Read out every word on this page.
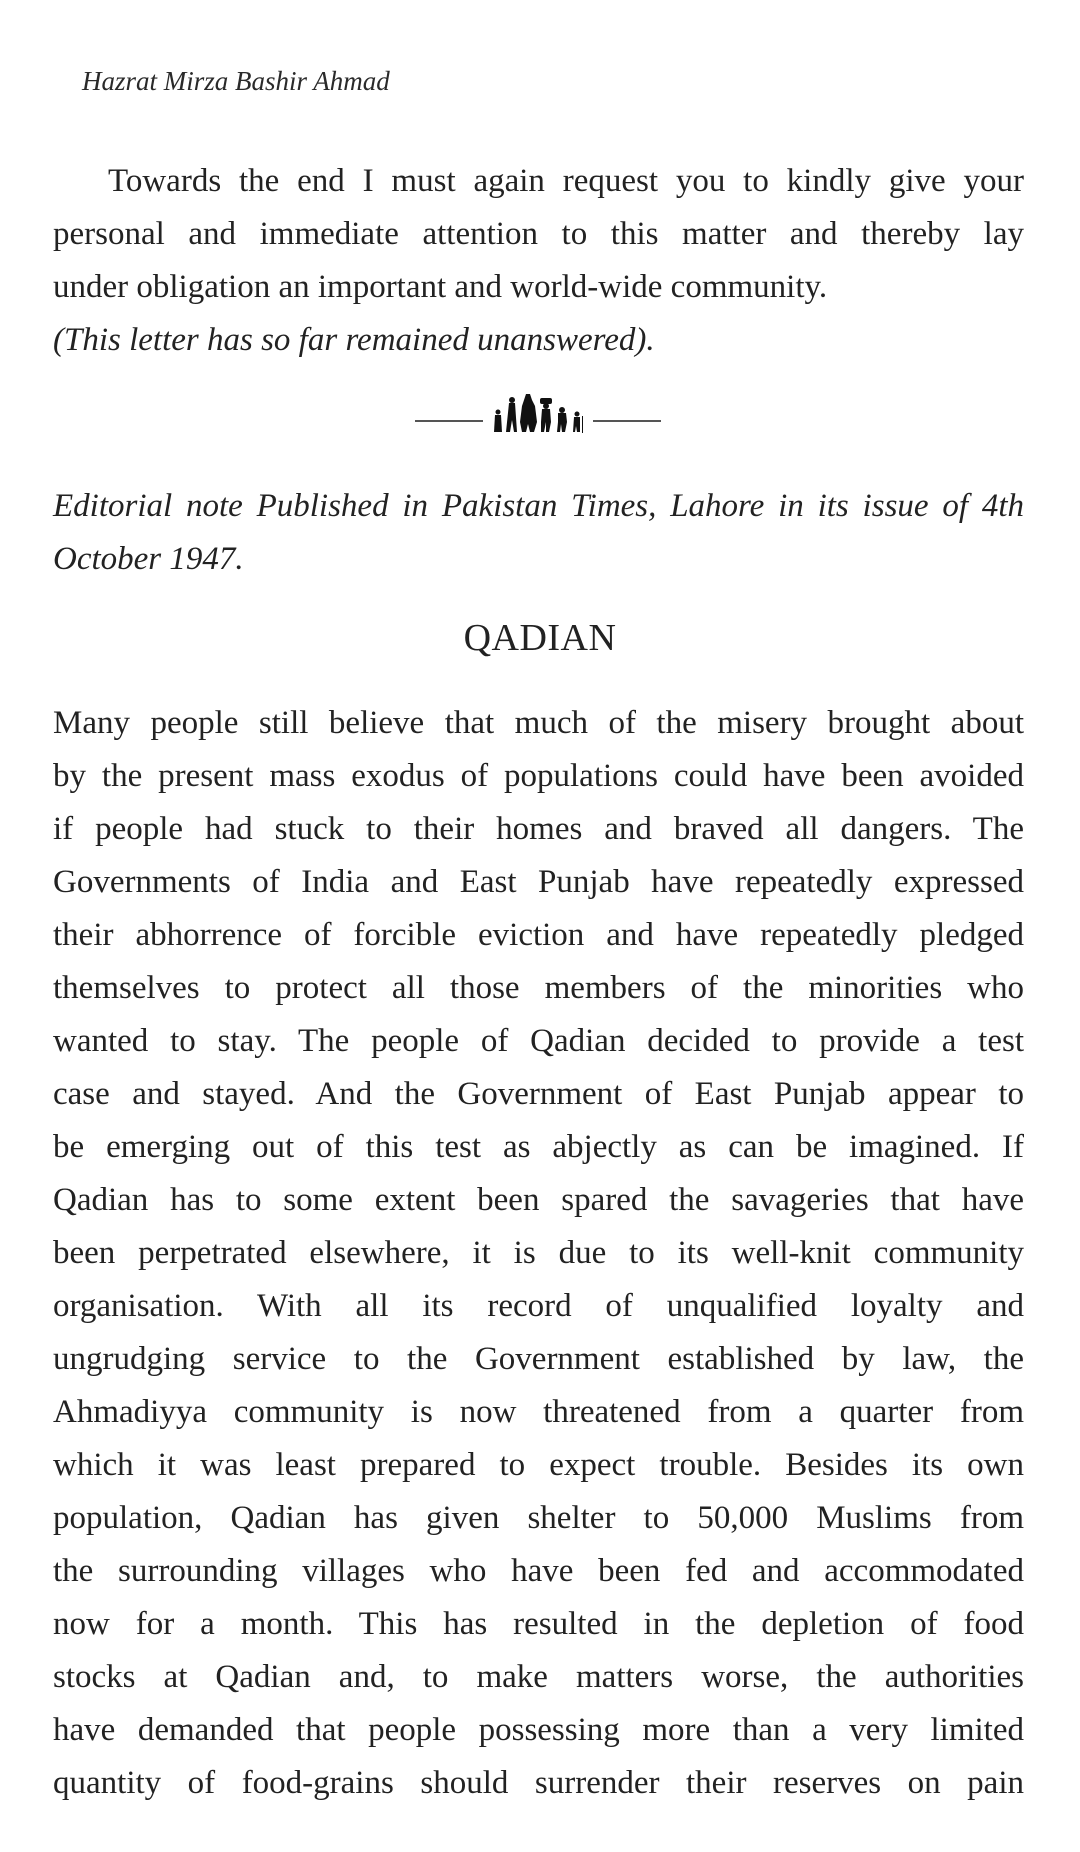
Hazrat Mirza Bashir Ahmad
Towards the end I must again request you to kindly give your
personal and immediate attention to this matter and thereby lay
under obligation an important and world-wide community.
(This letter has so far remained unanswered).
Editorial note Published in Pakistan Times, Lahore in its issue of 4th
October 1947.
QADIAN
Many people still believe that much of the misery brought about
by the present mass exodus of populations could have been avoided
if people had stuck to their homes and braved all dangers. The
Governments of India and East Punjab have repeatedly expressed
their abhorrence of forcible eviction and have repeatedly pledged
themselves to protect all those members of the minorities who
wanted to stay. The people of Qadian decided to provide a test
case and stayed. And the Government of East Punjab appear to
be emerging out of this test as abjectly as can be imagined. If
Qadian has to some extent been spared the savageries that have
been perpetrated elsewhere, it is due to its well-knit community
organisation. With all its record of unqualified loyalty and
ungrudging service to the Government established by law, the
Ahmadiyya community is now threatened from a quarter from
which it was least prepared to expect trouble. Besides its own
population, Qadian has given shelter to 50,000 Muslims from
the surrounding villages who have been fed and accommodated
now for a month. This has resulted in the depletion of food
stocks at Qadian and, to make matters worse, the authorities
have demanded that people possessing more than a very limited
quantity of food-grains should surrender their reserves on pain
